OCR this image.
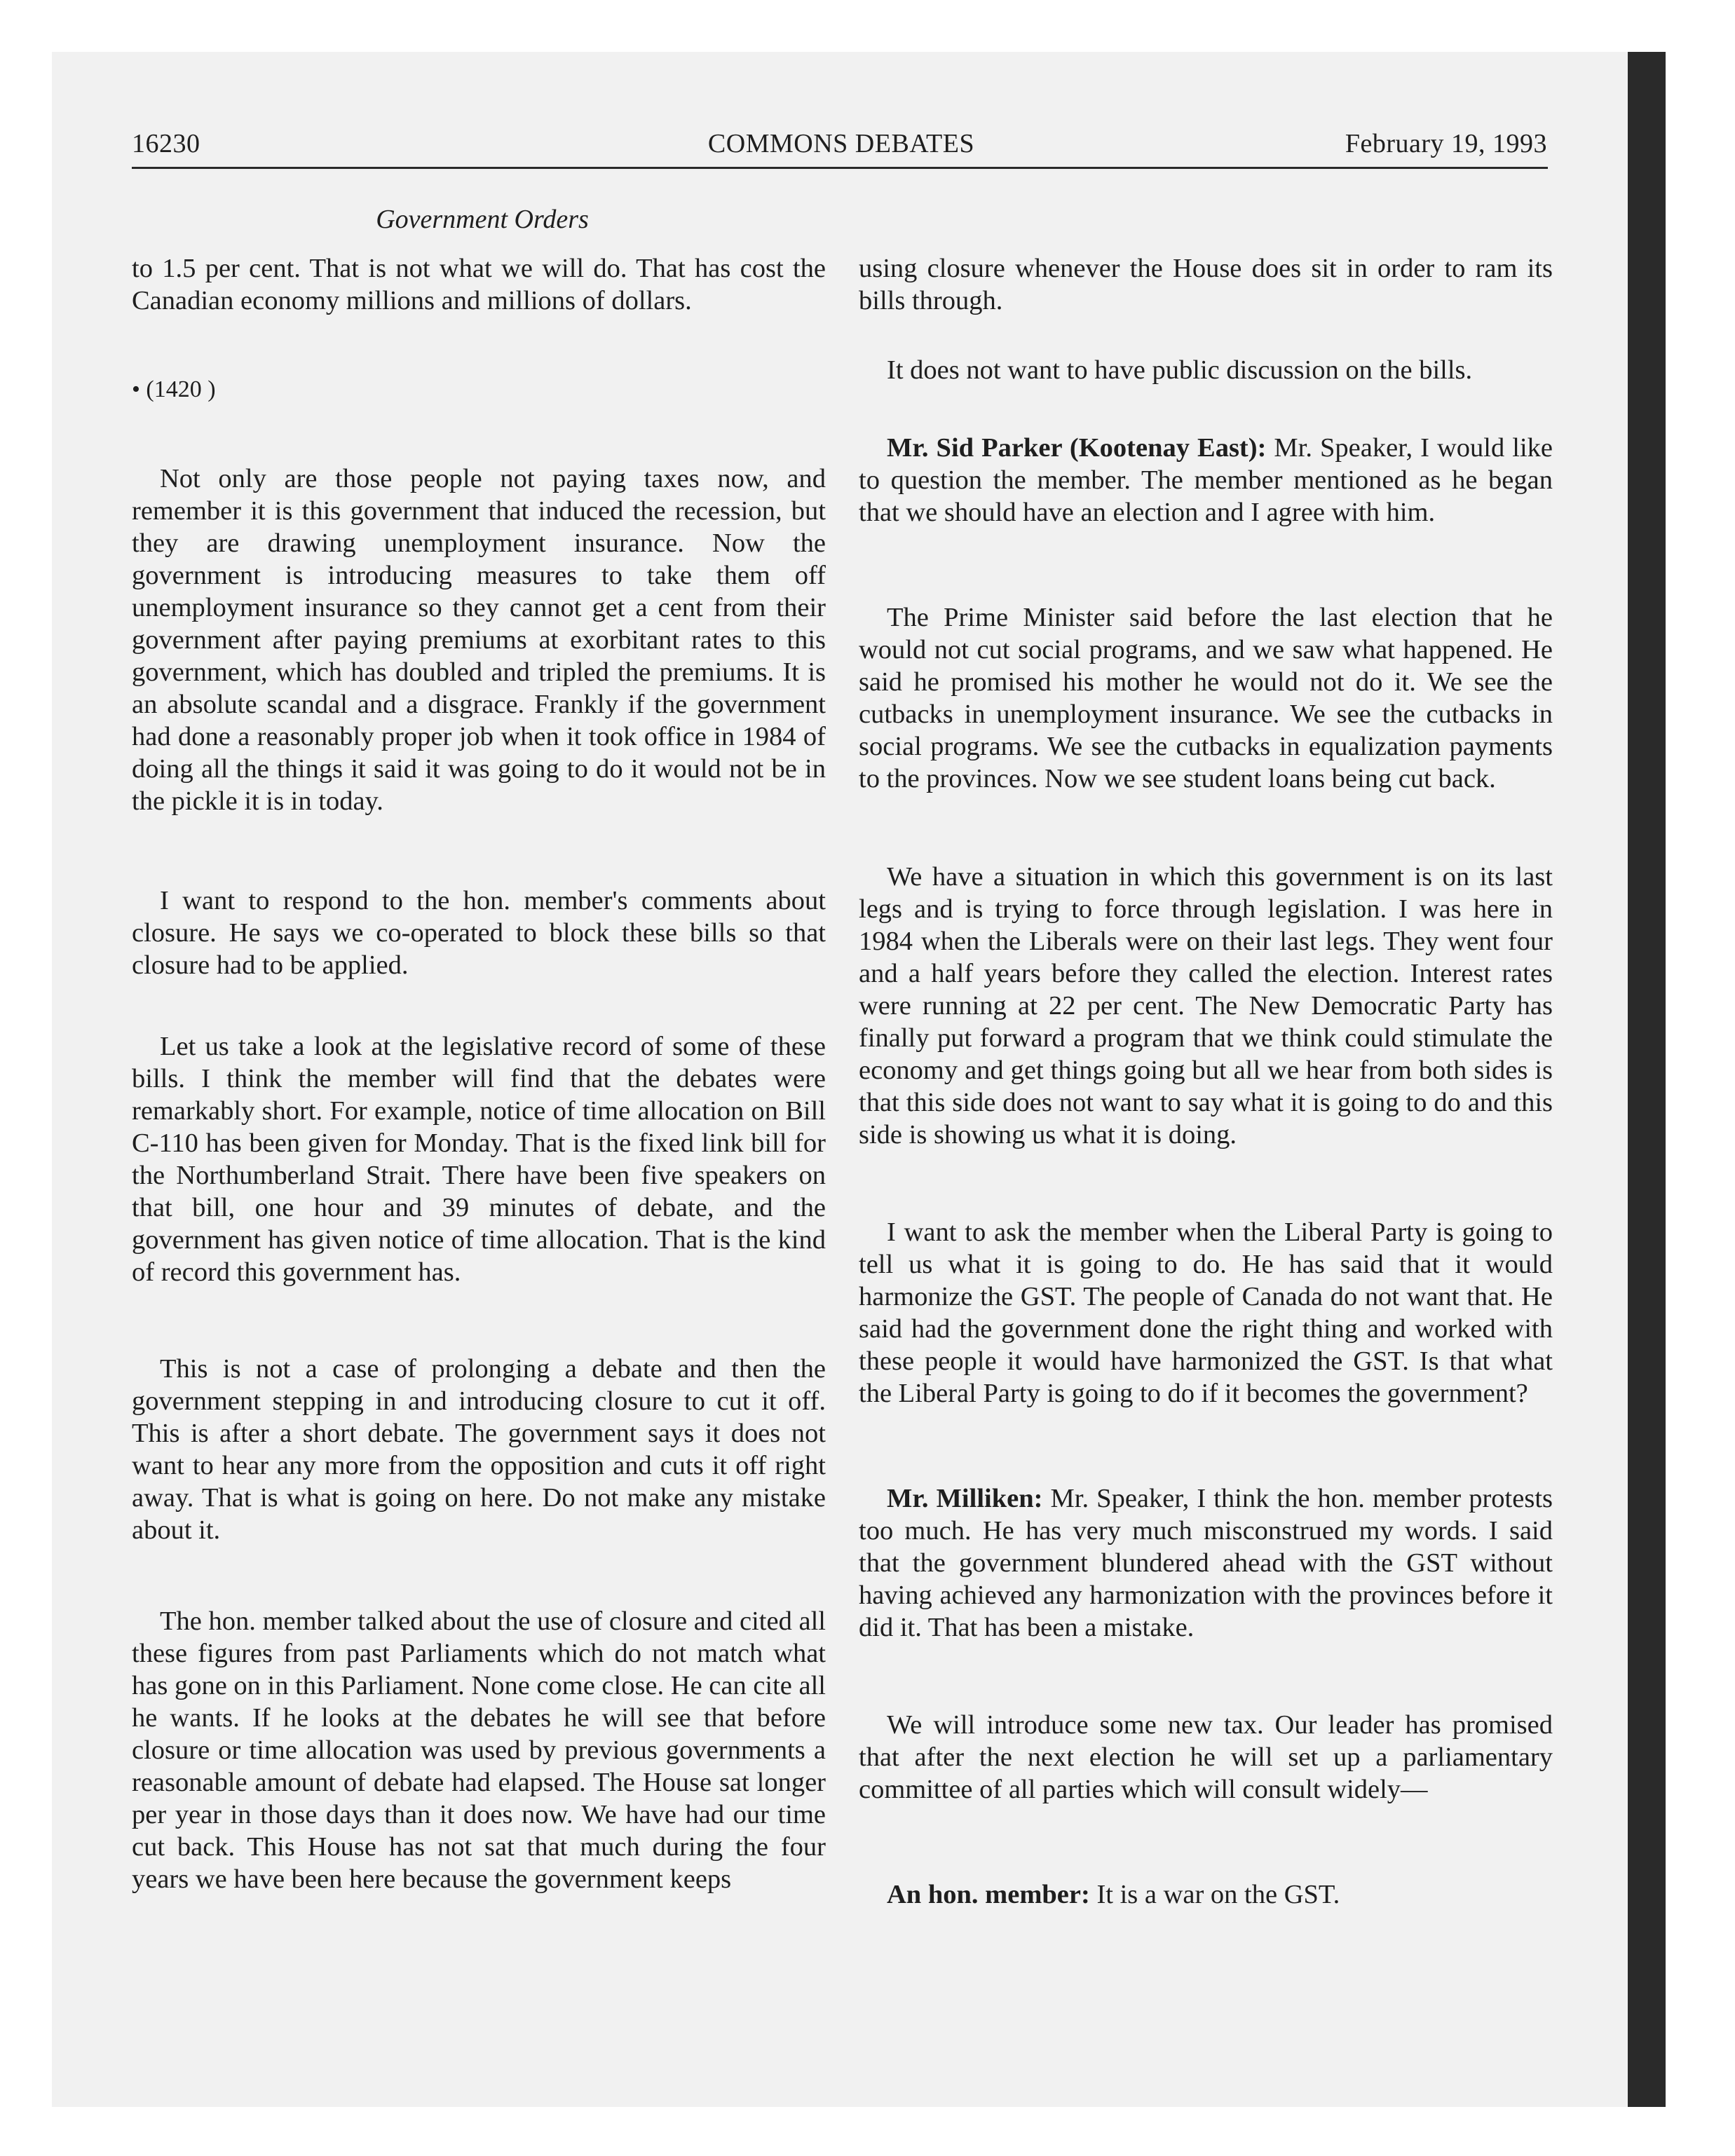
16230	COMMONS DEBATES	February 19, 1993
Government Orders

to 1.5 per cent. That is not what we will do. That has cost the Canadian economy millions and millions of dollars.

• (1420 )

Not only are those people not paying taxes now, and remember it is this government that induced the recession, but they are drawing unemployment insurance. Now the government is introducing measures to take them off unemployment insurance so they cannot get a cent from their government after paying premiums at exorbitant rates to this government, which has doubled and tripled the premiums. It is an absolute scandal and a disgrace. Frankly if the government had done a reasonably proper job when it took office in 1984 of doing all the things it said it was going to do it would not be in the pickle it is in today.

I want to respond to the hon. member's comments about closure. He says we co-operated to block these bills so that closure had to be applied.

Let us take a look at the legislative record of some of these bills. I think the member will find that the debates were remarkably short. For example, notice of time allocation on Bill C-110 has been given for Monday. That is the fixed link bill for the Northumberland Strait. There have been five speakers on that bill, one hour and 39 minutes of debate, and the government has given notice of time allocation. That is the kind of record this government has.

This is not a case of prolonging a debate and then the government stepping in and introducing closure to cut it off. This is after a short debate. The government says it does not want to hear any more from the opposition and cuts it off right away. That is what is going on here. Do not make any mistake about it.

The hon. member talked about the use of closure and cited all these figures from past Parliaments which do not match what has gone on in this Parliament. None come close. He can cite all he wants. If he looks at the debates he will see that before closure or time allocation was used by previous governments a reasonable amount of debate had elapsed. The House sat longer per year in those days than it does now. We have had our time cut back. This House has not sat that much during the four years we have been here because the government keeps

using closure whenever the House does sit in order to ram its bills through.

It does not want to have public discussion on the bills.

Mr. Sid Parker (Kootenay East): Mr. Speaker, I would like to question the member. The member mentioned as he began that we should have an election and I agree with him.

The Prime Minister said before the last election that he would not cut social programs, and we saw what happened. He said he promised his mother he would not do it. We see the cutbacks in unemployment insurance. We see the cutbacks in social programs. We see the cutbacks in equalization payments to the provinces. Now we see student loans being cut back.

We have a situation in which this government is on its last legs and is trying to force through legislation. I was here in 1984 when the Liberals were on their last legs. They went four and a half years before they called the election. Interest rates were running at 22 per cent. The New Democratic Party has finally put forward a program that we think could stimulate the economy and get things going but all we hear from both sides is that this side does not want to say what it is going to do and this side is showing us what it is doing.

I want to ask the member when the Liberal Party is going to tell us what it is going to do. He has said that it would harmonize the GST. The people of Canada do not want that. He said had the government done the right thing and worked with these people it would have harmonized the GST. Is that what the Liberal Party is going to do if it becomes the government?

Mr. Milliken: Mr. Speaker, I think the hon. member protests too much. He has very much misconstrued my words. I said that the government blundered ahead with the GST without having achieved any harmonization with the provinces before it did it. That has been a mistake.

We will introduce some new tax. Our leader has promised that after the next election he will set up a parliamentary committee of all parties which will consult widely—

An hon. member: It is a war on the GST.
